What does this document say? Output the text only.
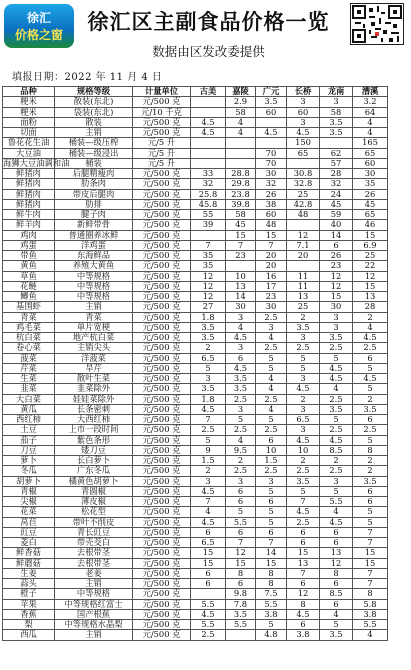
徐汇
价格之窗
徐汇区主副食品价格一览
数据由区发改委提供
填报日期：2022 年 11 月 4 日
品种	规格等级	计量单位	古美	嘉陵	广元	长桥	龙南	漕溪
粳米	散装(东北)	元/500 克		2.9	3.5	3	3	3.2
粳米	袋装(东北)	元/10 千克		58	60	60	58	64
面粉	散装	元/500 克	4.5	4		3	3.5	4
切面	主销	元/500 克	4.5	4	4.5	4.5	3.5	4
鲁花花生油	桶装—级压榨	元/5 升				150		165
大豆油	桶装—级浸出	元/5 升			70	65	62	65
海狮大豆油调和油	桶装	元/5 升			70		57	60
鲜猪肉	后腿精瘦肉	元/500 克	33	28.8	30	30.8	28	30
鲜猪肉	肋条肉	元/500 克	32	29.8	32	32.8	32	35
鲜猪肉	带皮后腿肉	元/500 克	25.8	23.8	26	25	24	26
鲜猪肉	肋排	元/500 克	45.8	39.8	38	42.8	45	45
鲜牛肉	腱子肉	元/500 克	55	58	60	48	59	65
鲜羊肉	新鲜带骨	元/500 克	39	45	48		40	46
鸡肉	普通圈养冰鲜	元/500 克		15	15	12	14	15
鸡蛋	洋鸡蛋	元/500 克	7	7	7	7.1	6	6.9
带鱼	东海鲜品	元/500 克	35	23	20	20	26	25
黄鱼	养殖大黄鱼	元/500 克	35		20		23	22
草鱼	中等规格	元/500 克	12	10	16	11	12	12
花鲢	中等规格	元/500 克	12	13	17	11	12	15
鲫鱼	中等规格	元/500 克	12	14	23	13	15	13
基围虾	主销	元/500 克	27	30	30	25	30	28
青菜	青菜	元/500 克	1.8	3	2.5	2	3	2
鸡毛菜	单片宽梗	元/500 克	3.5	4	3	3.5	3	4
杭白菜	地产杭白菜	元/500 克	3.5	4.5	4	3	3.5	4.5
卷心菜	主销尖头	元/500 克	2	3	2.5	2.5	2.5	2.5
菠菜	洋菠菜	元/500 克	6.5	6	5	5	5	6
芹菜	旱芹	元/500 克	5	4.5	5	5	4.5	5
生菜	散叶生菜	元/500 克	3	3.5	4	3	4.5	4.5
韭菜	韭菜除外	元/500 克	3.5	3.5	4	4.5	4	5
大白菜	娃娃菜除外	元/500 克	1.8	2.5	2.5	2	2.5	2
黄瓜	长条密刺	元/500 克	4.5	3	4	3	3.5	3.5
西红柿	大西红柿	元/500 克	7	5	5	6.5	5	6
土豆	上市一段时间	元/500 克	2.5	2.5	2.5	3	2.5	2.5
茄子	紫色条形	元/500 克	5	4	6	4.5	4.5	5
刀豆	矮刀豆	元/500 克	9	9.5	10	10	8.5	8
萝卜	长白萝卜	元/500 克	1.5	2	1.5	2	2	2
冬瓜	广东冬瓜	元/500 克	2	2.5	2.5	2.5	2.5	2
胡萝卜	橘黄色胡萝卜	元/500 克	3	3	3	3.5	3	3.5
青椒	青圆椒	元/500 克	4.5	6	5	5	5	6
尖椒	薄皮椒	元/500 克	7	6	6	7	5.5	6
花菜	松花型	元/500 克	4	5	5	4.5	4	5
莴苣	带叶不削皮	元/500 克	4.5	5.5	5	2.5	4.5	5
豇豆	青长豇豆	元/500 克	6	6	6	6	6	7
菱白	带壳茭白	元/500 克	6.5	7	7	6	6	7
鲜香菇	去根带茎	元/500 克	15	12	14	15	13	15
鲜蘑菇	去根带茎	元/500 克	15	15	15	13	12	15
生姜	老姜	元/500 克	6	8	8	7	8	7
蒜头	主销	元/500 克	6	6	8	6	6	7
橙子	中等规格	元/500 克		9.8	7.5	12	8.5	8
苹果	中等规格红富士	元/500 克	5.5	7.8	5.5	8	6	5.8
香蕉	国产根蕉	元/500 克	4.5	3.5	3.8	4.5	4	3.8
梨	中等规格水晶梨	元/500 克	5.5	5.5	5	6	5	5.5
西瓜	主销	元/500 克	2.5		4.8	3.8	3.5	4
